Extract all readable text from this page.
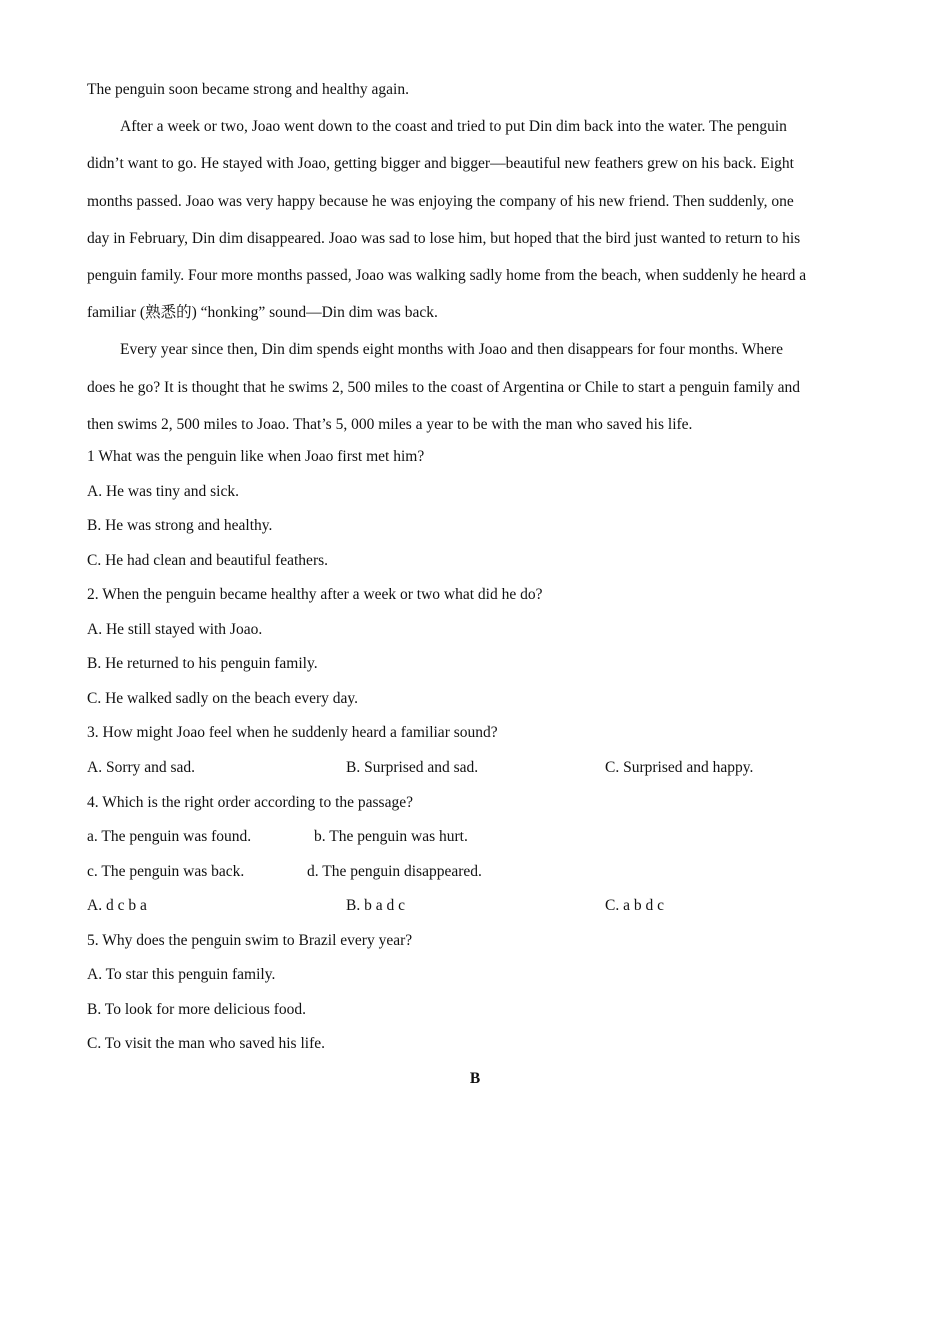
The penguin soon became strong and healthy again.
After a week or two, Joao went down to the coast and tried to put Din dim back into the water. The penguin
didn’t want to go. He stayed with Joao, getting bigger and bigger—beautiful new feathers grew on his back. Eight
months passed. Joao was very happy because he was enjoying the company of his new friend. Then suddenly, one
day in February, Din dim disappeared. Joao was sad to lose him, but hoped that the bird just wanted to return to his
penguin family. Four more months passed, Joao was walking sadly home from the beach, when suddenly he heard a
familiar (熟悉的) “honking” sound—Din dim was back.
Every year since then, Din dim spends eight months with Joao and then disappears for four months. Where
does he go? It is thought that he swims 2, 500 miles to the coast of Argentina or Chile to start a penguin family and
then swims 2, 500 miles to Joao. That’s 5, 000 miles a year to be with the man who saved his life.
1 What was the penguin like when Joao first met him?
A. He was tiny and sick.
B. He was strong and healthy.
C. He had clean and beautiful feathers.
2. When the penguin became healthy after a week or two what did he do?
A. He still stayed with Joao.
B. He returned to his penguin family.
C. He walked sadly on the beach every day.
3. How might Joao feel when he suddenly heard a familiar sound?
A. Sorry and sad.	B. Surprised and sad.	C. Surprised and happy.
4. Which is the right order according to the passage?
a. The penguin was found.	b. The penguin was hurt.
c. The penguin was back.	d. The penguin disappeared.
A. d c b a	B. b a d c	C. a b d c
5. Why does the penguin swim to Brazil every year?
A. To star this penguin family.
B. To look for more delicious food.
C. To visit the man who saved his life.
B
